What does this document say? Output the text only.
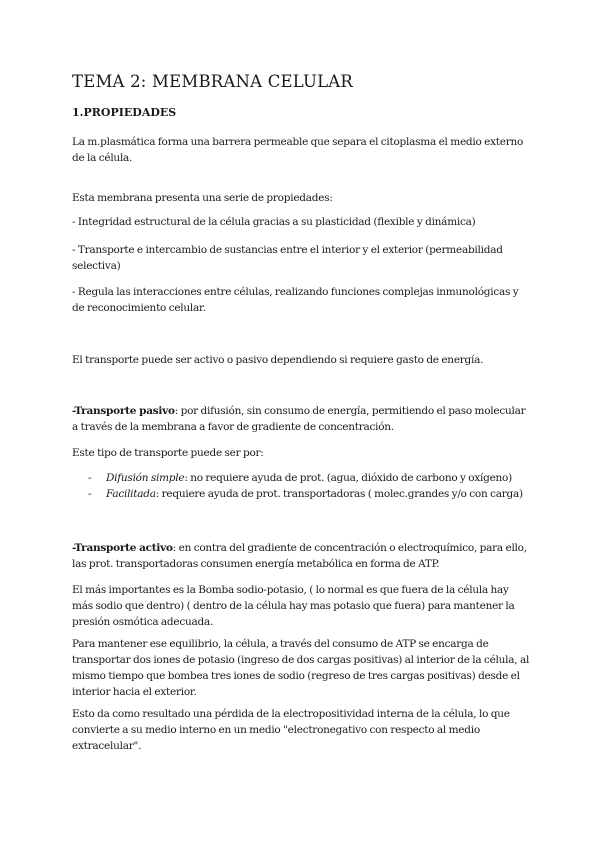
TEMA 2: MEMBRANA CELULAR
1.PROPIEDADES

La m.plasmática forma una barrera permeable que separa el citoplasma el medio externo de la célula.

Esta membrana presenta una serie de propiedades:

- Integridad estructural de la célula gracias a su plasticidad (flexible y dinámica)

- Transporte e intercambio de sustancias entre el interior y el exterior (permeabilidad selectiva)

- Regula las interacciones entre células, realizando funciones complejas inmunológicas y de reconocimiento celular.

El transporte puede ser activo o pasivo dependiendo si requiere gasto de energía.

-Transporte pasivo: por difusión, sin consumo de energía, permitiendo el paso molecular a través de la membrana a favor de gradiente de concentración.

Este tipo de transporte puede ser por:

- Difusión simple: no requiere ayuda de prot. (agua, dióxido de carbono y oxígeno)
- Facilitada: requiere ayuda de prot. transportadoras ( molec.grandes y/o con carga)

-Transporte activo: en contra del gradiente de concentración o electroquímico, para ello, las prot. transportadoras consumen energía metabólica en forma de ATP.

El más importantes es la Bomba sodio-potasio, ( lo normal es que fuera de la célula hay más sodio que dentro) ( dentro de la célula hay mas potasio que fuera) para mantener la presión osmótica adecuada.

Para mantener ese equilibrio, la célula, a través del consumo de ATP se encarga de transportar dos iones de potasio (ingreso de dos cargas positivas) al interior de la célula, al mismo tiempo que bombea tres iones de sodio (regreso de tres cargas positivas) desde el interior hacia el exterior.

Esto da como resultado una pérdida de la electropositividad interna de la célula, lo que convierte a su medio interno en un medio "electronegativo con respecto al medio extracelular".
